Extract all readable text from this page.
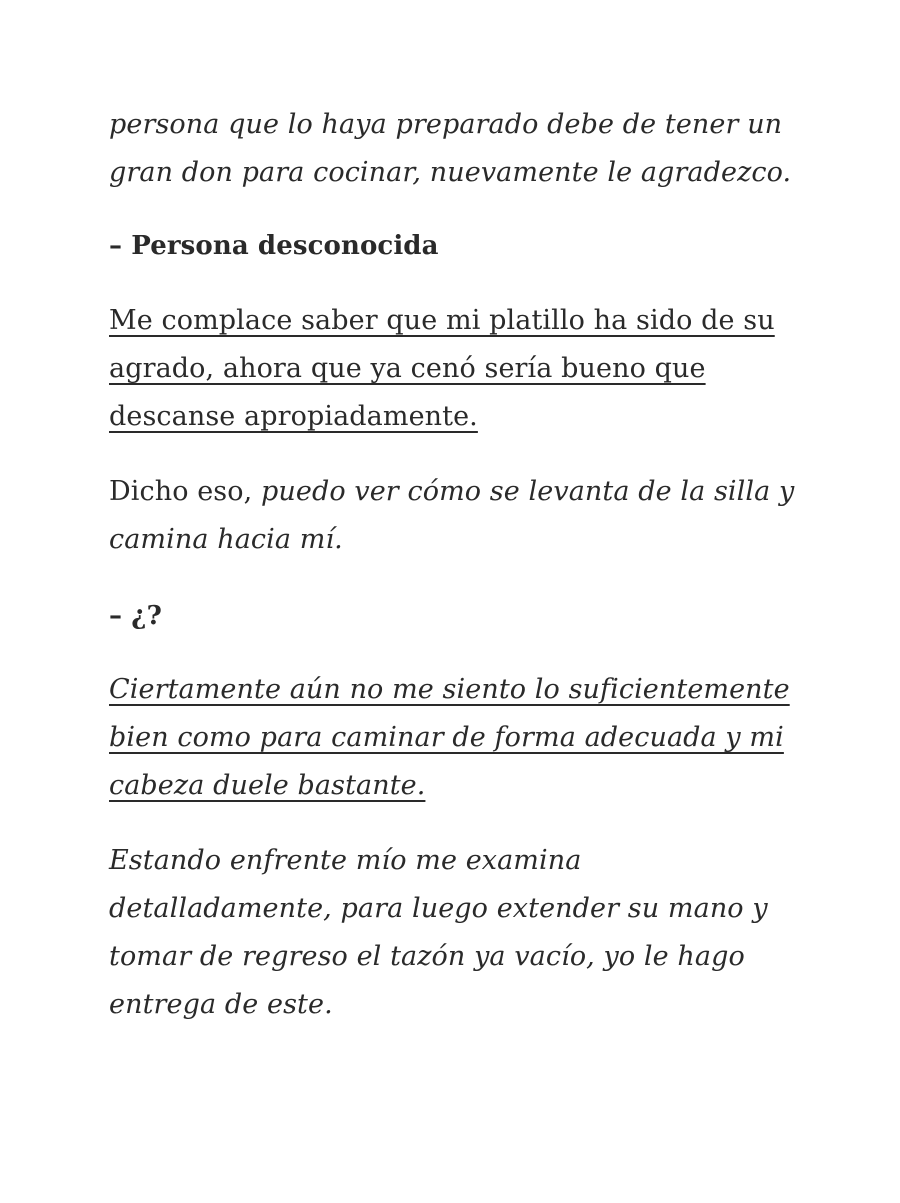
persona que lo haya preparado debe de tener un
gran don para cocinar, nuevamente le agradezco.
– Persona desconocida
Me complace saber que mi platillo ha sido de su
agrado, ahora que ya cenó sería bueno que
descanse apropiadamente.
Dicho eso, puedo ver cómo se levanta de la silla y
camina hacia mí.
– ¿?
Ciertamente aún no me siento lo suficientemente
bien como para caminar de forma adecuada y mi
cabeza duele bastante.
Estando enfrente mío me examina
detalladamente, para luego extender su mano y
tomar de regreso el tazón ya vacío, yo le hago
entrega de este.
